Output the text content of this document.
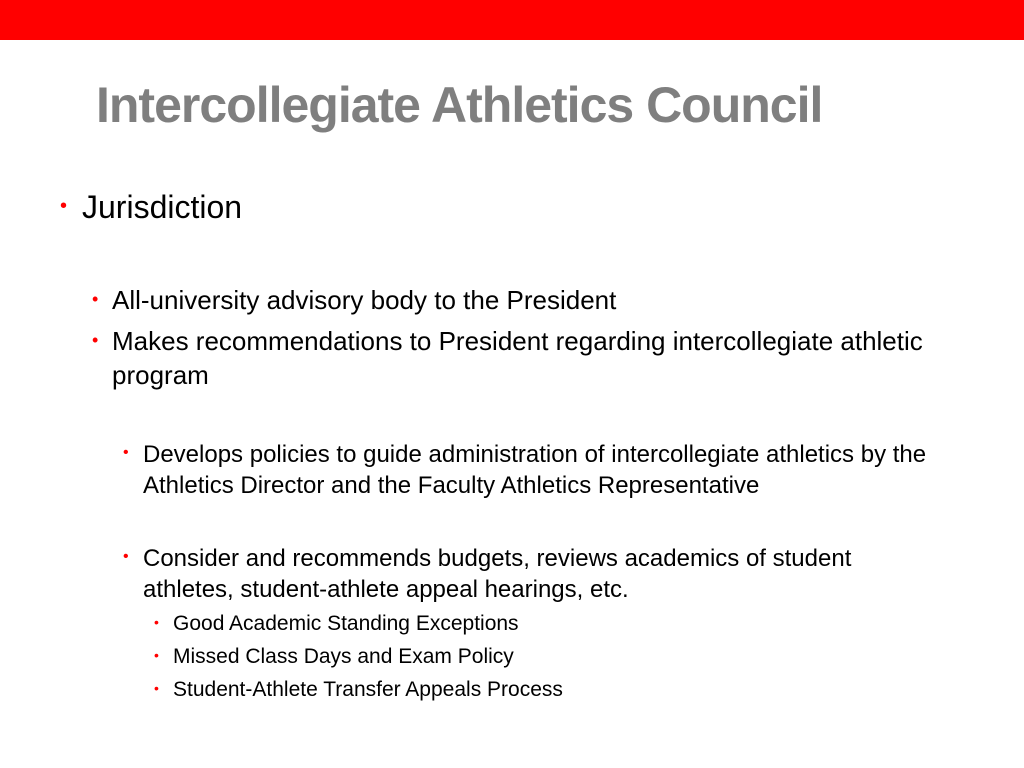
Intercollegiate Athletics Council
• Jurisdiction
• All-university advisory body to the President
• Makes recommendations to President regarding intercollegiate athletic program
• Develops policies to guide administration of intercollegiate athletics by the Athletics Director and the Faculty Athletics Representative
• Consider and recommends budgets, reviews academics of student athletes, student-athlete appeal hearings, etc.
• Good Academic Standing Exceptions
• Missed Class Days and Exam Policy
• Student-Athlete Transfer Appeals Process
